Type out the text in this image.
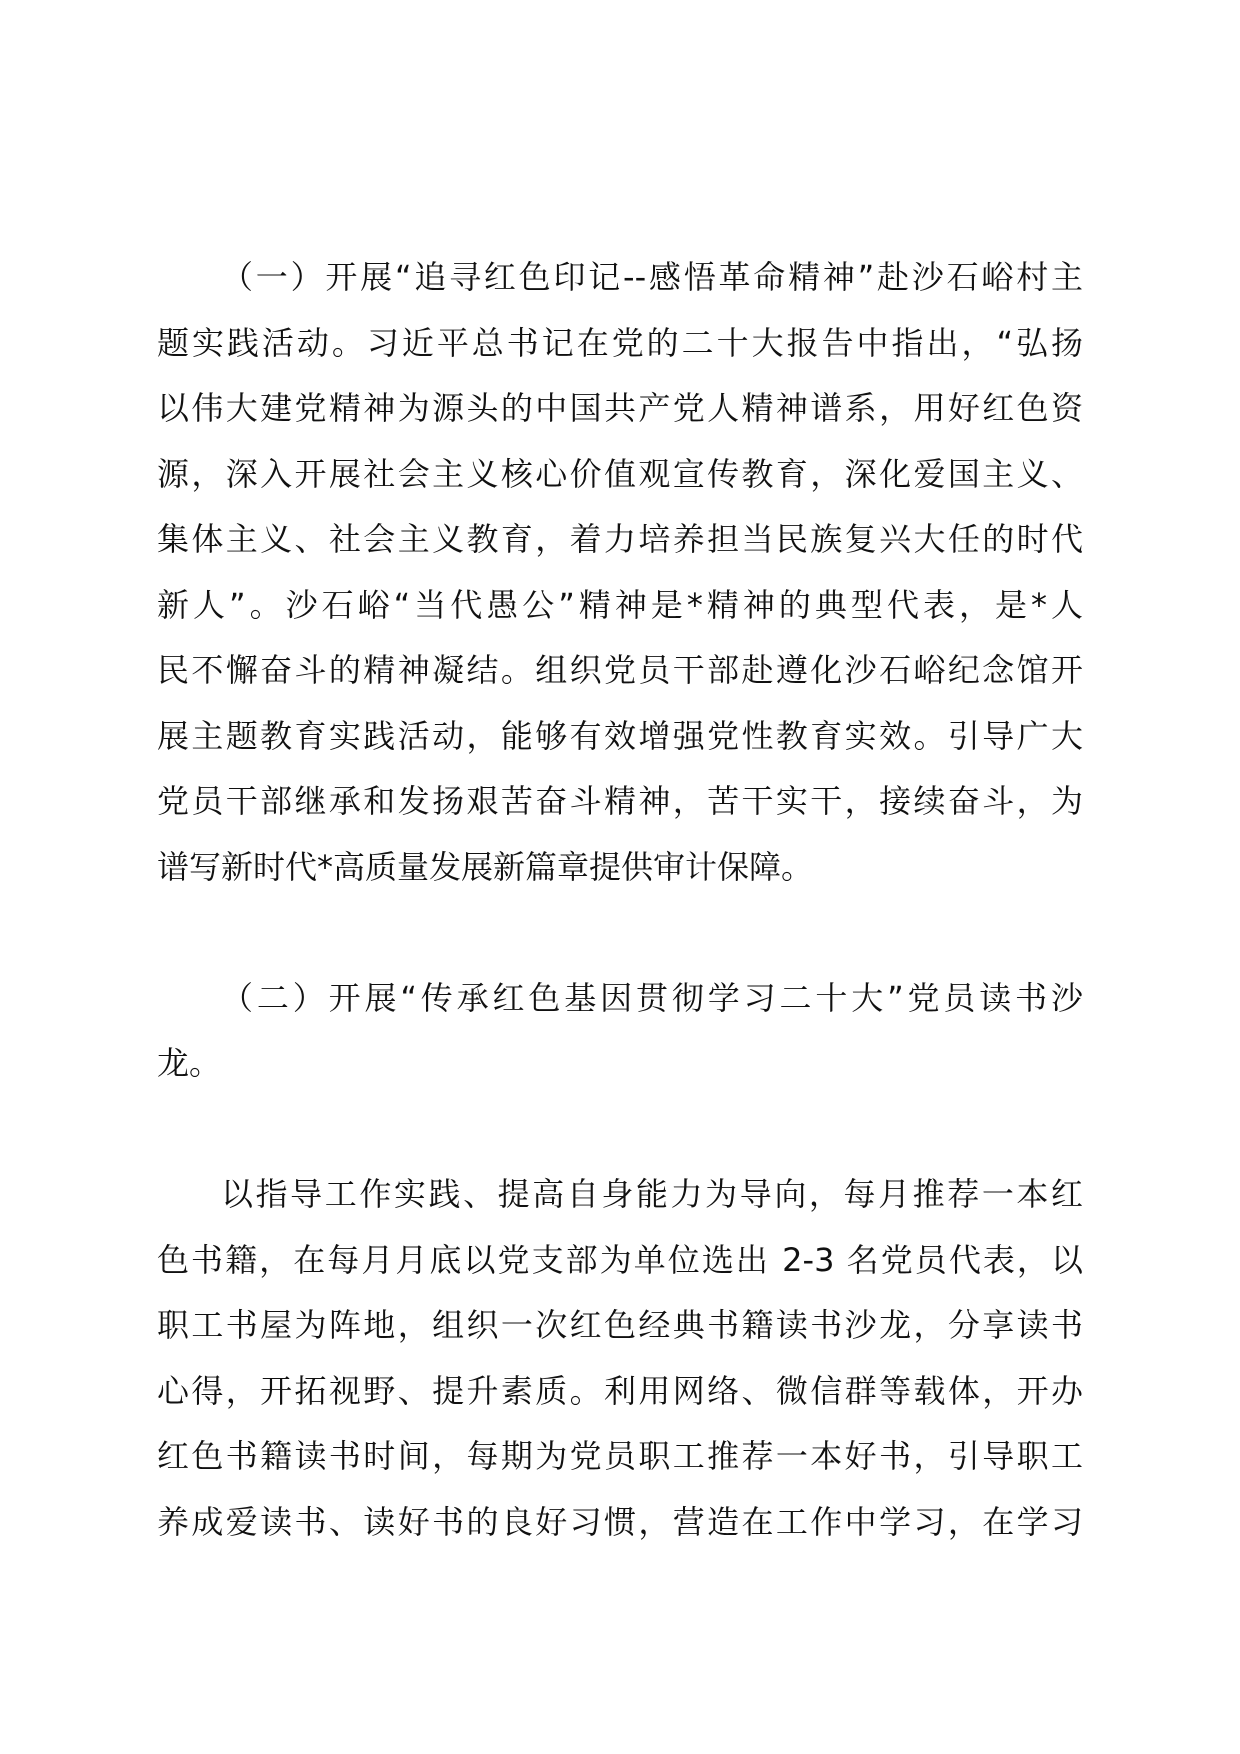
（一）开展“追寻红色印记--感悟革命精神”赴沙石峪村主
题实践活动。习近平总书记在党的二十大报告中指出，“弘扬
以伟大建党精神为源头的中国共产党人精神谱系，用好红色资
源，深入开展社会主义核心价值观宣传教育，深化爱国主义、
集体主义、社会主义教育，着力培养担当民族复兴大任的时代
新人”。沙石峪“当代愚公”精神是*精神的典型代表，是*人
民不懈奋斗的精神凝结。组织党员干部赴遵化沙石峪纪念馆开
展主题教育实践活动，能够有效增强党性教育实效。引导广大
党员干部继承和发扬艰苦奋斗精神，苦干实干，接续奋斗，为
谱写新时代*高质量发展新篇章提供审计保障。
（二）开展“传承红色基因贯彻学习二十大”党员读书沙
龙。
以指导工作实践、提高自身能力为导向，每月推荐一本红
色书籍，在每月月底以党支部为单位选出 2-3 名党员代表，以
职工书屋为阵地，组织一次红色经典书籍读书沙龙，分享读书
心得，开拓视野、提升素质。利用网络、微信群等载体，开办
红色书籍读书时间，每期为党员职工推荐一本好书，引导职工
养成爱读书、读好书的良好习惯，营造在工作中学习，在学习
